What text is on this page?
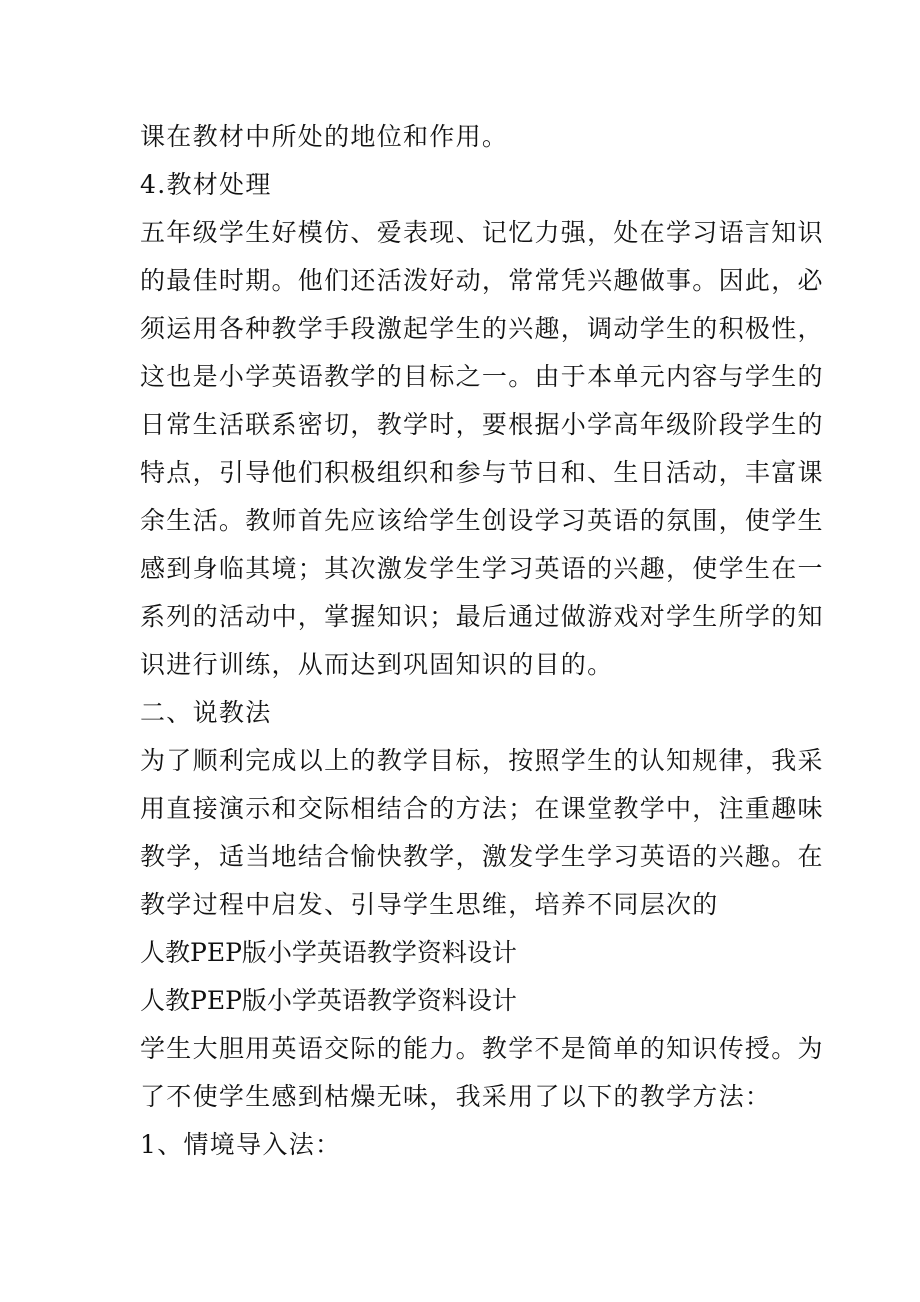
课在教材中所处的地位和作用。
4.教材处理
五年级学生好模仿、爱表现、记忆力强，处在学习语言知识
的最佳时期。他们还活泼好动，常常凭兴趣做事。因此，必
须运用各种教学手段激起学生的兴趣，调动学生的积极性，
这也是小学英语教学的目标之一。由于本单元内容与学生的
日常生活联系密切，教学时，要根据小学高年级阶段学生的
特点，引导他们积极组织和参与节日和、生日活动，丰富课
余生活。教师首先应该给学生创设学习英语的氛围，使学生
感到身临其境；其次激发学生学习英语的兴趣，使学生在一
系列的活动中，掌握知识；最后通过做游戏对学生所学的知
识进行训练，从而达到巩固知识的目的。
二、说教法
为了顺利完成以上的教学目标，按照学生的认知规律，我采
用直接演示和交际相结合的方法；在课堂教学中，注重趣味
教学，适当地结合愉快教学，激发学生学习英语的兴趣。在
教学过程中启发、引导学生思维，培养不同层次的
人教PEP版小学英语教学资料设计
人教PEP版小学英语教学资料设计
学生大胆用英语交际的能力。教学不是简单的知识传授。为
了不使学生感到枯燥无味，我采用了以下的教学方法：
1、情境导入法：
